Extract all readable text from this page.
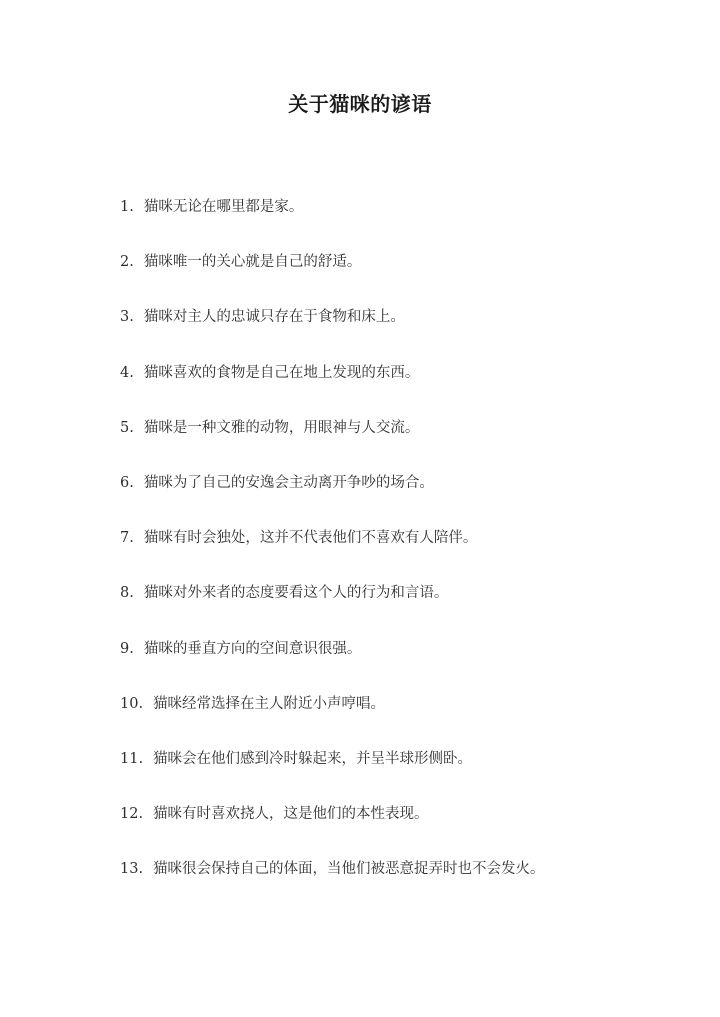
关于猫咪的谚语
1. 猫咪无论在哪里都是家。
2. 猫咪唯一的关心就是自己的舒适。
3. 猫咪对主人的忠诚只存在于食物和床上。
4. 猫咪喜欢的食物是自己在地上发现的东西。
5. 猫咪是一种文雅的动物，用眼神与人交流。
6. 猫咪为了自己的安逸会主动离开争吵的场合。
7. 猫咪有时会独处，这并不代表他们不喜欢有人陪伴。
8. 猫咪对外来者的态度要看这个人的行为和言语。
9. 猫咪的垂直方向的空间意识很强。
10. 猫咪经常选择在主人附近小声哼唱。
11. 猫咪会在他们感到冷时躲起来，并呈半球形侧卧。
12. 猫咪有时喜欢挠人，这是他们的本性表现。
13. 猫咪很会保持自己的体面，当他们被恶意捉弄时也不会发火。
